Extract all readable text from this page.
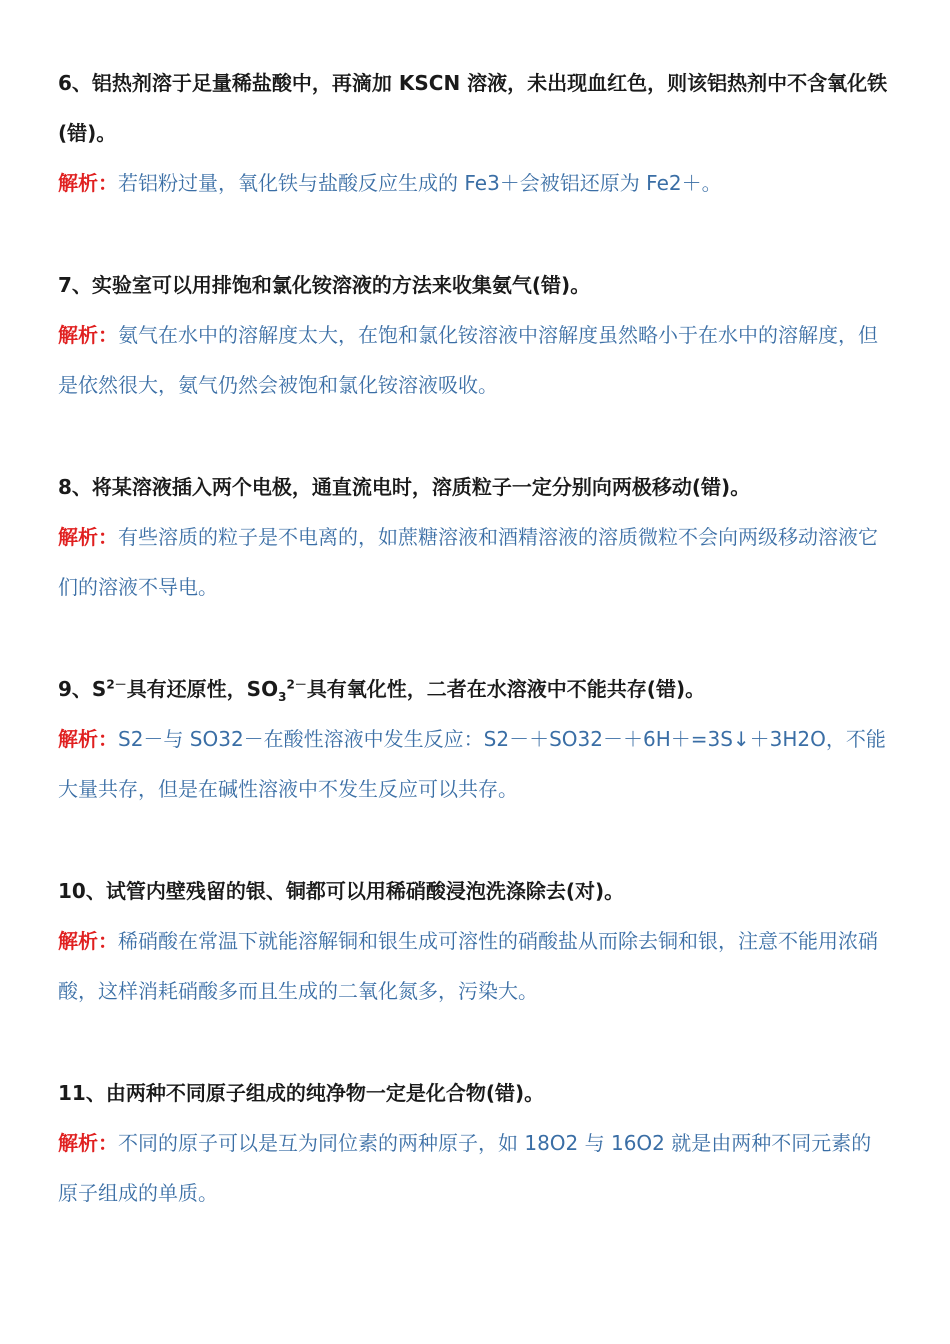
6、铝热剂溶于足量稀盐酸中，再滴加 KSCN 溶液，未出现血红色，则该铝热剂中不含氧化铁(错)。

解析：若铝粉过量，氧化铁与盐酸反应生成的 Fe3＋会被铝还原为 Fe2＋。

7、实验室可以用排饱和氯化铵溶液的方法来收集氨气(错)。

解析：氨气在水中的溶解度太大，在饱和氯化铵溶液中溶解度虽然略小于在水中的溶解度，但是依然很大，氨气仍然会被饱和氯化铵溶液吸收。

8、将某溶液插入两个电极，通直流电时，溶质粒子一定分别向两极移动(错)。

解析：有些溶质的粒子是不电离的，如蔗糖溶液和酒精溶液的溶质微粒不会向两级移动溶液它们的溶液不导电。

9、$S^{2-}$具有还原性，$SO_3^{2-}$具有氧化性，二者在水溶液中不能共存(错)。

解析：S2－与 SO32－在酸性溶液中发生反应：S2－＋SO32－＋6H＋=3S↓＋3H2O，不能大量共存，但是在碱性溶液中不发生反应可以共存。

10、试管内壁残留的银、铜都可以用稀硝酸浸泡洗涤除去(对)。

解析：稀硝酸在常温下就能溶解铜和银生成可溶性的硝酸盐从而除去铜和银，注意不能用浓硝酸，这样消耗硝酸多而且生成的二氧化氮多，污染大。

11、由两种不同原子组成的纯净物一定是化合物(错)。

解析：不同的原子可以是互为同位素的两种原子，如 18O2 与 16O2 就是由两种不同元素的原子组成的单质。
